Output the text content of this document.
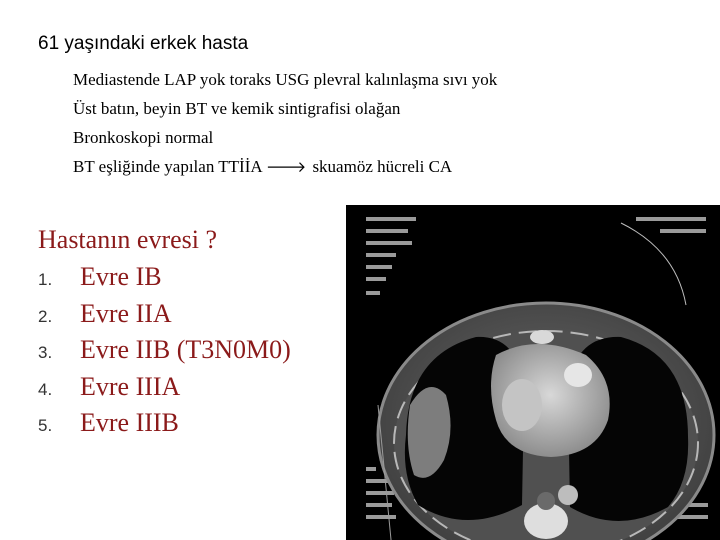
61 yaşındaki erkek hasta
Mediastende LAP yok toraks USG plevral kalınlaşma sıvı yok
Üst batın, beyin BT ve kemik sintigrafisi olağan
Bronkoskopi normal
BT eşliğinde yapılan TTİİA 🡒 skuamöz hücreli CA
Hastanın evresi ?
1. Evre IB
2. Evre IIA
3. Evre IIB (T3N0M0)
4. Evre IIIA
5. Evre IIIB
